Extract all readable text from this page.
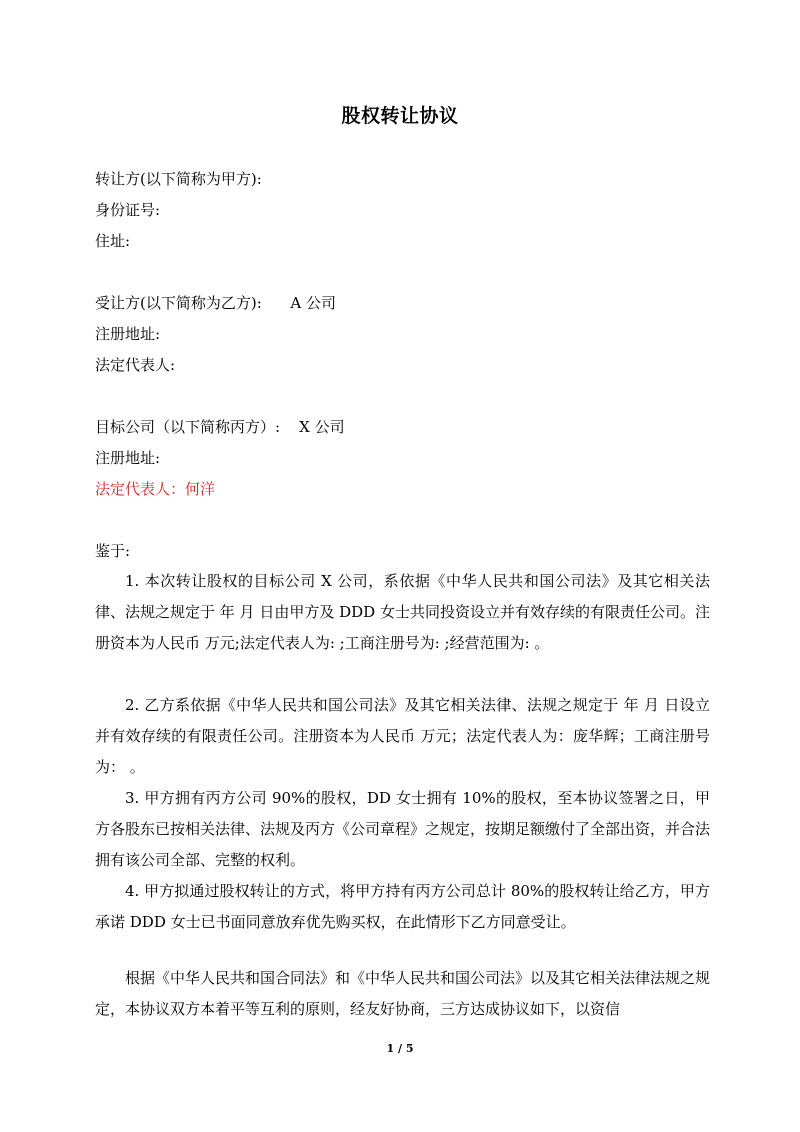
股权转让协议
转让方(以下简称为甲方):
身份证号:
住址:
受让方(以下简称为乙方):      A 公司
注册地址:
法定代表人:
目标公司（以下简称丙方）:    X 公司
注册地址:
法定代表人：何洋
鉴于:
1. 本次转让股权的目标公司 X 公司，系依据《中华人民共和国公司法》及其它相关法律、法规之规定于 年 月 日由甲方及 DDD 女士共同投资设立并有效存续的有限责任公司。注册资本为人民币 万元;法定代表人为: ;工商注册号为: ;经营范围为: 。
2. 乙方系依据《中华人民共和国公司法》及其它相关法律、法规之规定于 年 月 日设立并有效存续的有限责任公司。注册资本为人民币 万元；法定代表人为：庞华辉；工商注册号为： 。
3. 甲方拥有丙方公司 90%的股权，DD 女士拥有 10%的股权，至本协议签署之日，甲方各股东已按相关法律、法规及丙方《公司章程》之规定，按期足额缴付了全部出资，并合法拥有该公司全部、完整的权利。
4. 甲方拟通过股权转让的方式，将甲方持有丙方公司总计 80%的股权转让给乙方，甲方承诺 DDD 女士已书面同意放弃优先购买权，在此情形下乙方同意受让。
根据《中华人民共和国合同法》和《中华人民共和国公司法》以及其它相关法律法规之规定，本协议双方本着平等互利的原则，经友好协商，三方达成协议如下，以资信
1 / 5
